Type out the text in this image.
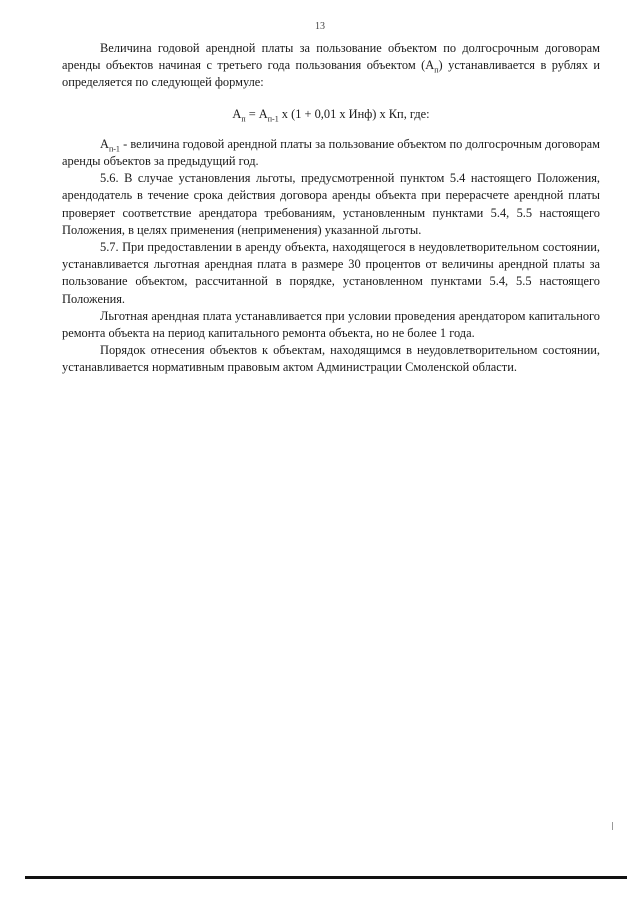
13

Величина годовой арендной платы за пользование объектом по долгосрочным договорам аренды объектов начиная с третьего года пользования объектом $(A_п)$ устанавливается в рублях и определяется по следующей формуле:

$A_п = A_{п-1}$ х (1 + 0,01 х Инф) х Кп, где:

$A_{п-1}$ - величина годовой арендной платы за пользование объектом по долгосрочным договорам аренды объектов за предыдущий год.

5.6. В случае установления льготы, предусмотренной пунктом 5.4 настоящего Положения, арендодатель в течение срока действия договора аренды объекта при перерасчете арендной платы проверяет соответствие арендатора требованиям, установленным пунктами 5.4, 5.5 настоящего Положения, в целях применения (неприменения) указанной льготы.

5.7. При предоставлении в аренду объекта, находящегося в неудовлетворительном состоянии, устанавливается льготная арендная плата в размере 30 процентов от величины арендной платы за пользование объектом, рассчитанной в порядке, установленном пунктами 5.4, 5.5 настоящего Положения.

Льготная арендная плата устанавливается при условии проведения арендатором капитального ремонта объекта на период капитального ремонта объекта, но не более 1 года.

Порядок отнесения объектов к объектам, находящимся в неудовлетворительном состоянии, устанавливается нормативным правовым актом Администрации Смоленской области.
